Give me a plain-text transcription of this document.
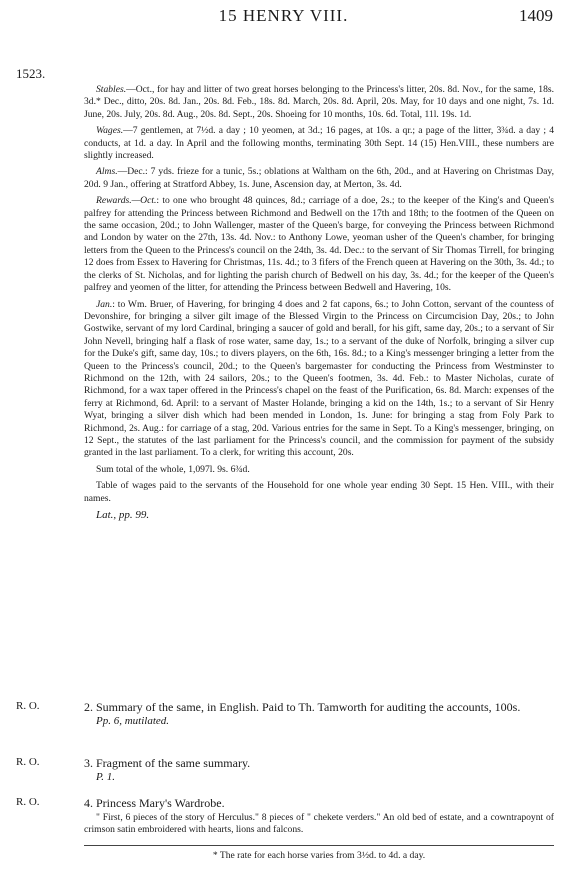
15 HENRY VIII.	1409
1523.

Stables.—Oct., for hay and litter of two great horses belonging to the Princess's litter, 20s. 8d. Nov., for the same, 18s. 3d.* Dec., ditto, 20s. 8d. Jan., 20s. 8d. Feb., 18s. 8d. March, 20s. 8d. April, 20s. May, for 10 days and one night, 7s. 1d. June, 20s. July, 20s. 8d. Aug., 20s. 8d. Sept., 20s. Shoeing for 10 months, 10s. 6d. Total, 11l. 19s. 1d.

Wages.—7 gentlemen, at 7½d. a day ; 10 yeomen, at 3d.; 16 pages, at 10s. a qr.; a page of the litter, 3¾d. a day ; 4 conducts, at 1d. a day. In April and the following months, terminating 30th Sept. 14 (15) Hen.VIII., these numbers are slightly increased.

Alms.—Dec.: 7 yds. frieze for a tunic, 5s.; oblations at Waltham on the 6th, 20d., and at Havering on Christmas Day, 20d. 9 Jan., offering at Stratford Abbey, 1s. June, Ascension day, at Merton, 3s. 4d.

Rewards.—Oct.: to one who brought 48 quinces, 8d.; carriage of a doe, 2s.; to the keeper of the King's and Queen's palfrey for attending the Princess between Richmond and Bedwell on the 17th and 18th; to the footmen of the Queen on the same occasion, 20d.; to John Wallenger, master of the Queen's barge, for conveying the Princess between Richmond and London by water on the 27th, 13s. 4d. Nov.: to Anthony Lowe, yeoman usher of the Queen's chamber, for bringing letters from the Queen to the Princess's council on the 24th, 3s. 4d. Dec.: to the servant of Sir Thomas Tirrell, for bringing 12 does from Essex to Havering for Christmas, 11s. 4d.; to 3 fifers of the French queen at Havering on the 30th, 3s. 4d.; to the clerks of St. Nicholas, and for lighting the parish church of Bedwell on his day, 3s. 4d.; for the keeper of the Queen's palfrey and yeomen of the litter, for attending the Princess between Bedwell and Havering, 10s.

Jan.: to Wm. Bruer, of Havering, for bringing 4 does and 2 fat capons, 6s.; to John Cotton, servant of the countess of Devonshire, for bringing a silver gilt image of the Blessed Virgin to the Princess on Circumcision Day, 20s.; to John Gostwike, servant of my lord Cardinal, bringing a saucer of gold and berall, for his gift, same day, 20s.; to a servant of Sir John Nevell, bringing half a flask of rose water, same day, 1s.; to a servant of the duke of Norfolk, bringing a silver cup for the Duke's gift, same day, 10s.; to divers players, on the 6th, 16s. 8d.; to a King's messenger bringing a letter from the Queen to the Princess's council, 20d.; to the Queen's bargemaster for conducting the Princess from Westminster to Richmond on the 12th, with 24 sailors, 20s.; to the Queen's footmen, 3s. 4d. Feb.: to Master Nicholas, curate of Richmond, for a wax taper offered in the Princess's chapel on the feast of the Purification, 6s. 8d. March: expenses of the ferry at Richmond, 6d. April: to a servant of Master Holande, bringing a kid on the 14th, 1s.; to a servant of Sir Henry Wyat, bringing a silver dish which had been mended in London, 1s. June: for bringing a stag from Foly Park to Richmond, 2s. Aug.: for carriage of a stag, 20d. Various entries for the same in Sept. To a King's messenger, bringing, on 12 Sept., the statutes of the last parliament for the Princess's council, and the commission for payment of the subsidy granted in the last parliament. To a clerk, for writing this account, 20s.

Sum total of the whole, 1,097l. 9s. 6¾d.

Table of wages paid to the servants of the Household for one whole year ending 30 Sept. 15 Hen. VIII., with their names.

Lat., pp. 99.

R. O.	2. Summary of the same, in English. Paid to Th. Tamworth for auditing the accounts, 100s.

Pp. 6, mutilated.

R. O.	3. Fragment of the same summary.

P. 1.

R. O.	4. Princess Mary's Wardrobe.

" First, 6 pieces of the story of Herculus." 8 pieces of " chekete verders." An old bed of estate, and a cowntrapoynt of crimson satin embroidered with hearts, lions and falcons.

* The rate for each horse varies from 3½d. to 4d. a day.
